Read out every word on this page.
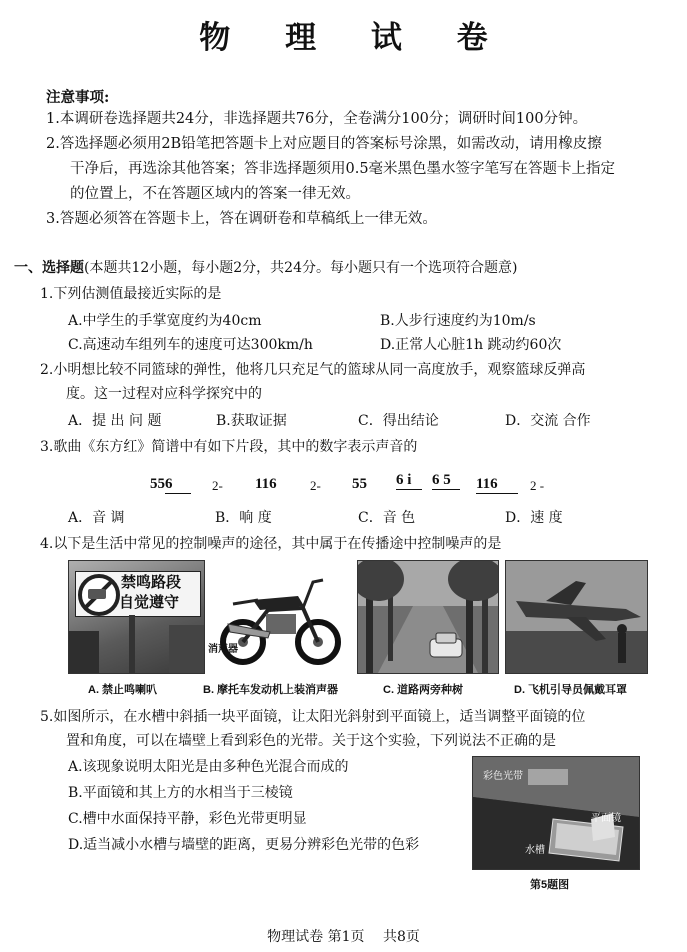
物 理 试 卷
注意事项:
1.本调研卷选择题共24分，非选择题共76分，全卷满分100分；调研时间100分钟。
2.答选择题必须用2B铅笔把答题卡上对应题目的答案标号涂黑，如需改动，请用橡皮擦
干净后，再选涂其他答案；答非选择题须用0.5毫米黑色墨水签字笔写在答题卡上指定
的位置上，不在答题区域内的答案一律无效。
3.答题必须答在答题卡上，答在调研卷和草稿纸上一律无效。
一、选择题(本题共12小题，每小题2分，共24分。每小题只有一个选项符合题意)
1.下列估测值最接近实际的是
A.中学生的手掌宽度约为40cm	B.人步行速度约为10m/s
C.高速动车组列车的速度可达300km/h	D.正常人心脏1h 跳动约60次
2.小明想比较不同篮球的弹性，他将几只充足气的篮球从同一高度放手，观察篮球反弹高
度。这一过程对应科学探究中的
A．提 出 问 题	B.获取证据	C．得出结论	D．交流 合作
3.歌曲《东方红》简谱中有如下片段，其中的数字表示声音的
556	2- 116	2- 55 6 i	6 5	116	2 -
A．音 调	B．响 度	C．音 色	D．速 度
4.以下是生活中常见的控制噪声的途径，其中属于在传播途中控制噪声的是
禁鸣路段
自觉遵守
A. 禁止鸣喇叭
消声器
B. 摩托车发动机上装消声器	C. 道路两旁种树	D. 飞机引导员佩戴耳罩
5.如图所示，在水槽中斜插一块平面镜，让太阳光斜射到平面镜上，适当调整平面镜的位
置和角度，可以在墙壁上看到彩色的光带。关于这个实验，下列说法不正确的是
A.该现象说明太阳光是由多种色光混合而成的
B.平面镜和其上方的水相当于三棱镜
C.槽中水面保持平静，彩色光带更明显
D.适当减小水槽与墙壁的距离，更易分辨彩色光带的色彩
彩色光带
平面镜
水槽
第5题图
物理试卷 第1页　 共8页
